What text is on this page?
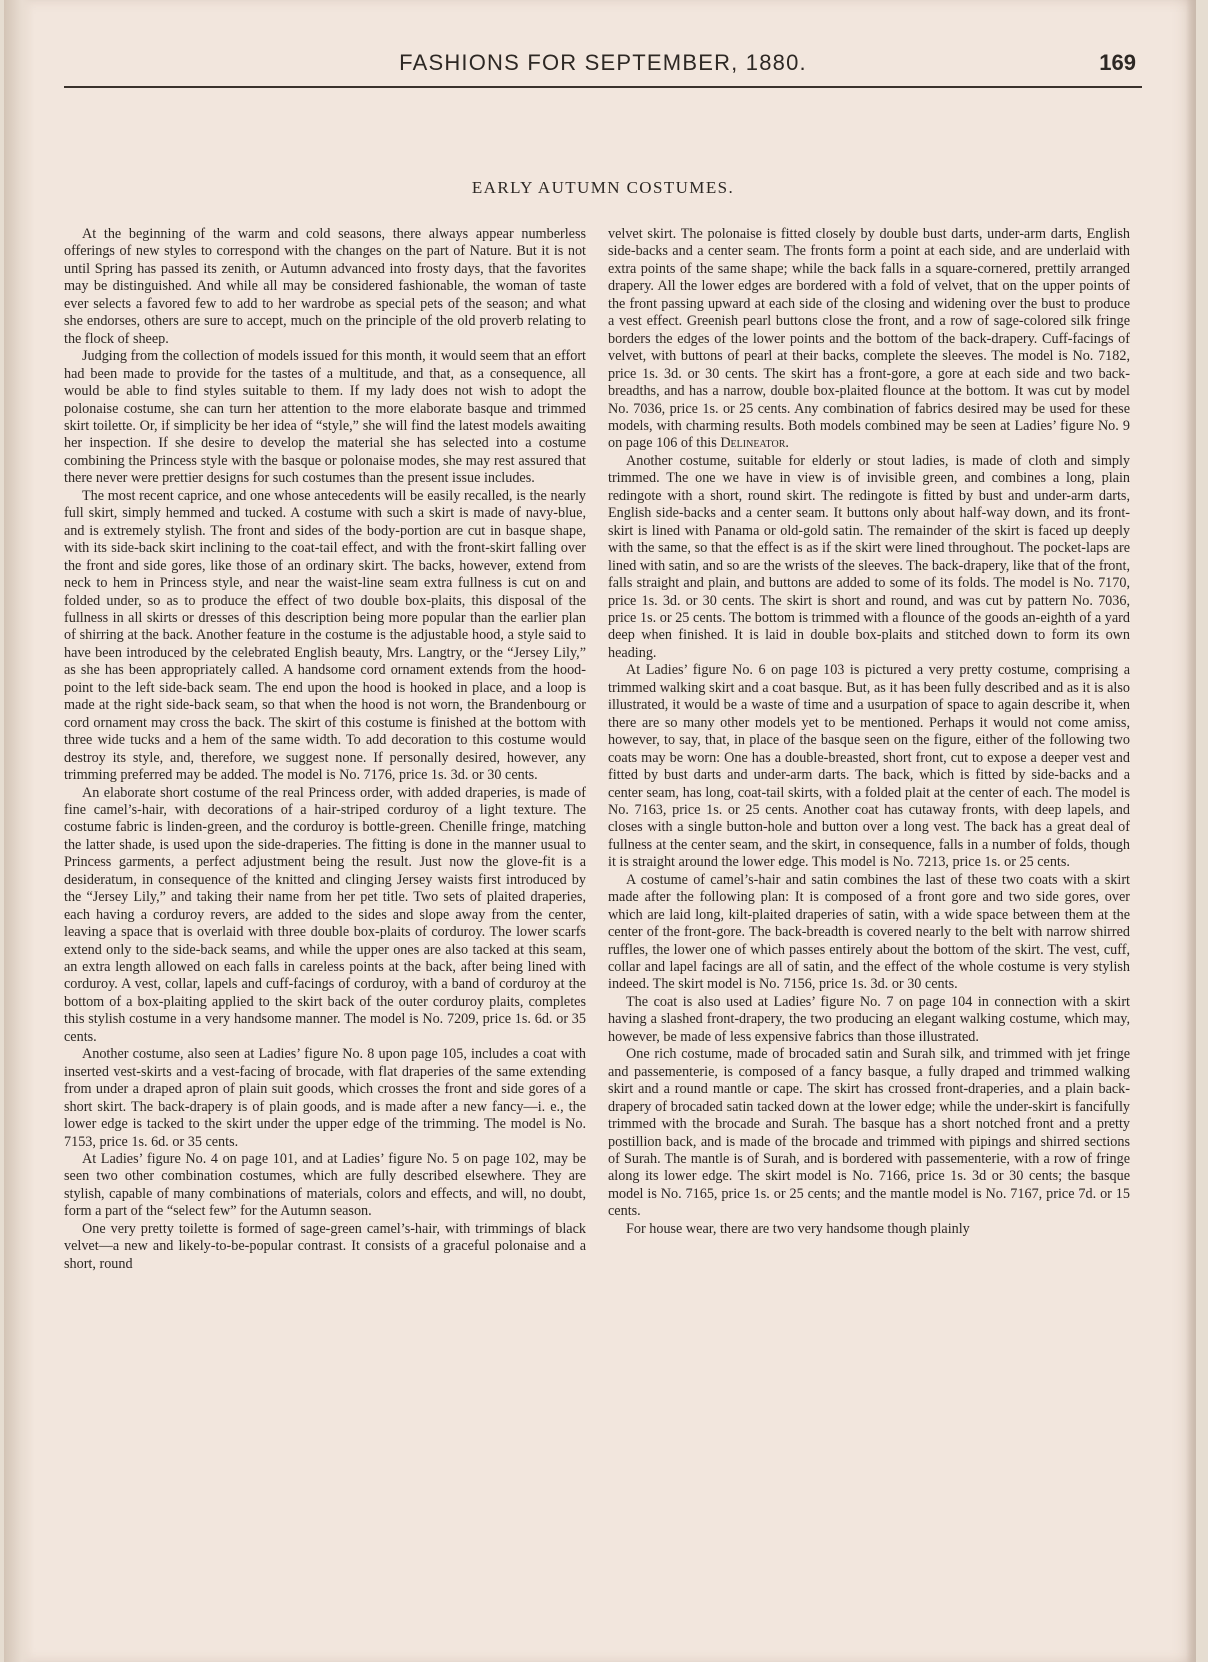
FASHIONS FOR SEPTEMBER, 1880.	169
EARLY AUTUMN COSTUMES.

At the beginning of the warm and cold seasons, there always appear numberless offerings of new styles to correspond with the changes on the part of Nature. But it is not until Spring has passed its zenith, or Autumn advanced into frosty days, that the favorites may be distinguished. And while all may be considered fashionable, the woman of taste ever selects a favored few to add to her wardrobe as special pets of the season; and what she endorses, others are sure to accept, much on the principle of the old proverb relating to the flock of sheep.

Judging from the collection of models issued for this month, it would seem that an effort had been made to provide for the tastes of a multitude, and that, as a consequence, all would be able to find styles suitable to them. If my lady does not wish to adopt the polonaise costume, she can turn her attention to the more elaborate basque and trimmed skirt toilette. Or, if simplicity be her idea of “style,” she will find the latest models awaiting her inspection. If she desire to develop the material she has selected into a costume combining the Princess style with the basque or polonaise modes, she may rest assured that there never were prettier designs for such costumes than the present issue includes.

The most recent caprice, and one whose antecedents will be easily recalled, is the nearly full skirt, simply hemmed and tucked. A costume with such a skirt is made of navy-blue, and is extremely stylish. The front and sides of the body-portion are cut in basque shape, with its side-back skirt inclining to the coat-tail effect, and with the front-skirt falling over the front and side gores, like those of an ordinary skirt. The backs, however, extend from neck to hem in Princess style, and near the waist-line seam extra fullness is cut on and folded under, so as to produce the effect of two double box-plaits, this disposal of the fullness in all skirts or dresses of this description being more popular than the earlier plan of shirring at the back. Another feature in the costume is the adjustable hood, a style said to have been introduced by the celebrated English beauty, Mrs. Langtry, or the “Jersey Lily,” as she has been appropriately called. A handsome cord ornament extends from the hood-point to the left side-back seam. The end upon the hood is hooked in place, and a loop is made at the right side-back seam, so that when the hood is not worn, the Brandenbourg or cord ornament may cross the back. The skirt of this costume is finished at the bottom with three wide tucks and a hem of the same width. To add decoration to this costume would destroy its style, and, therefore, we suggest none. If personally desired, however, any trimming preferred may be added. The model is No. 7176, price 1s. 3d. or 30 cents.

An elaborate short costume of the real Princess order, with added draperies, is made of fine camel’s-hair, with decorations of a hair-striped corduroy of a light texture. The costume fabric is linden-green, and the corduroy is bottle-green. Chenille fringe, matching the latter shade, is used upon the side-draperies. The fitting is done in the manner usual to Princess garments, a perfect adjustment being the result. Just now the glove-fit is a desideratum, in consequence of the knitted and clinging Jersey waists first introduced by the “Jersey Lily,” and taking their name from her pet title. Two sets of plaited draperies, each having a corduroy revers, are added to the sides and slope away from the center, leaving a space that is overlaid with three double box-plaits of corduroy. The lower scarfs extend only to the side-back seams, and while the upper ones are also tacked at this seam, an extra length allowed on each falls in careless points at the back, after being lined with corduroy. A vest, collar, lapels and cuff-facings of corduroy, with a band of corduroy at the bottom of a box-plaiting applied to the skirt back of the outer corduroy plaits, completes this stylish costume in a very handsome manner. The model is No. 7209, price 1s. 6d. or 35 cents.

Another costume, also seen at Ladies’ figure No. 8 upon page 105, includes a coat with inserted vest-skirts and a vest-facing of brocade, with flat draperies of the same extending from under a draped apron of plain suit goods, which crosses the front and side gores of a short skirt. The back-drapery is of plain goods, and is made after a new fancy—i. e., the lower edge is tacked to the skirt under the upper edge of the trimming. The model is No. 7153, price 1s. 6d. or 35 cents.

At Ladies’ figure No. 4 on page 101, and at Ladies’ figure No. 5 on page 102, may be seen two other combination costumes, which are fully described elsewhere. They are stylish, capable of many combinations of materials, colors and effects, and will, no doubt, form a part of the “select few” for the Autumn season.

One very pretty toilette is formed of sage-green camel’s-hair, with trimmings of black velvet—a new and likely-to-be-popular contrast. It consists of a graceful polonaise and a short, round

velvet skirt. The polonaise is fitted closely by double bust darts, under-arm darts, English side-backs and a center seam. The fronts form a point at each side, and are underlaid with extra points of the same shape; while the back falls in a square-cornered, prettily arranged drapery. All the lower edges are bordered with a fold of velvet, that on the upper points of the front passing upward at each side of the closing and widening over the bust to produce a vest effect. Greenish pearl buttons close the front, and a row of sage-colored silk fringe borders the edges of the lower points and the bottom of the back-drapery. Cuff-facings of velvet, with buttons of pearl at their backs, complete the sleeves. The model is No. 7182, price 1s. 3d. or 30 cents. The skirt has a front-gore, a gore at each side and two back-breadths, and has a narrow, double box-plaited flounce at the bottom. It was cut by model No. 7036, price 1s. or 25 cents. Any combination of fabrics desired may be used for these models, with charming results. Both models combined may be seen at Ladies’ figure No. 9 on page 106 of this Delineator.

Another costume, suitable for elderly or stout ladies, is made of cloth and simply trimmed. The one we have in view is of invisible green, and combines a long, plain redingote with a short, round skirt. The redingote is fitted by bust and under-arm darts, English side-backs and a center seam. It buttons only about half-way down, and its front-skirt is lined with Panama or old-gold satin. The remainder of the skirt is faced up deeply with the same, so that the effect is as if the skirt were lined throughout. The pocket-laps are lined with satin, and so are the wrists of the sleeves. The back-drapery, like that of the front, falls straight and plain, and buttons are added to some of its folds. The model is No. 7170, price 1s. 3d. or 30 cents. The skirt is short and round, and was cut by pattern No. 7036, price 1s. or 25 cents. The bottom is trimmed with a flounce of the goods an-eighth of a yard deep when finished. It is laid in double box-plaits and stitched down to form its own heading.

At Ladies’ figure No. 6 on page 103 is pictured a very pretty costume, comprising a trimmed walking skirt and a coat basque. But, as it has been fully described and as it is also illustrated, it would be a waste of time and a usurpation of space to again describe it, when there are so many other models yet to be mentioned. Perhaps it would not come amiss, however, to say, that, in place of the basque seen on the figure, either of the following two coats may be worn: One has a double-breasted, short front, cut to expose a deeper vest and fitted by bust darts and under-arm darts. The back, which is fitted by side-backs and a center seam, has long, coat-tail skirts, with a folded plait at the center of each. The model is No. 7163, price 1s. or 25 cents. Another coat has cutaway fronts, with deep lapels, and closes with a single button-hole and button over a long vest. The back has a great deal of fullness at the center seam, and the skirt, in consequence, falls in a number of folds, though it is straight around the lower edge. This model is No. 7213, price 1s. or 25 cents.

A costume of camel’s-hair and satin combines the last of these two coats with a skirt made after the following plan: It is composed of a front gore and two side gores, over which are laid long, kilt-plaited draperies of satin, with a wide space between them at the center of the front-gore. The back-breadth is covered nearly to the belt with narrow shirred ruffles, the lower one of which passes entirely about the bottom of the skirt. The vest, cuff, collar and lapel facings are all of satin, and the effect of the whole costume is very stylish indeed. The skirt model is No. 7156, price 1s. 3d. or 30 cents.

The coat is also used at Ladies’ figure No. 7 on page 104 in connection with a skirt having a slashed front-drapery, the two producing an elegant walking costume, which may, however, be made of less expensive fabrics than those illustrated.

One rich costume, made of brocaded satin and Surah silk, and trimmed with jet fringe and passementerie, is composed of a fancy basque, a fully draped and trimmed walking skirt and a round mantle or cape. The skirt has crossed front-draperies, and a plain back-drapery of brocaded satin tacked down at the lower edge; while the under-skirt is fancifully trimmed with the brocade and Surah. The basque has a short notched front and a pretty postillion back, and is made of the brocade and trimmed with pipings and shirred sections of Surah. The mantle is of Surah, and is bordered with passementerie, with a row of fringe along its lower edge. The skirt model is No. 7166, price 1s. 3d or 30 cents; the basque model is No. 7165, price 1s. or 25 cents; and the mantle model is No. 7167, price 7d. or 15 cents.

For house wear, there are two very handsome though plainly
